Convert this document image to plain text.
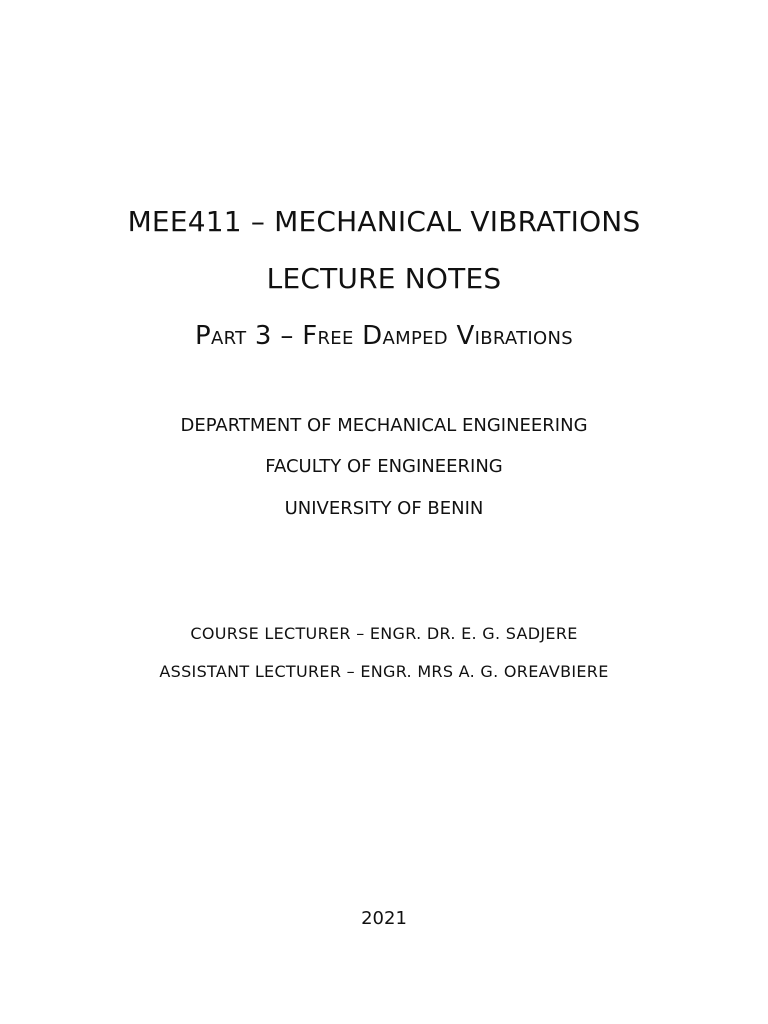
MEE411 – MECHANICAL VIBRATIONS
LECTURE NOTES
Part 3 – Free Damped Vibrations
DEPARTMENT OF MECHANICAL ENGINEERING
FACULTY OF ENGINEERING
UNIVERSITY OF BENIN
COURSE LECTURER – ENGR. DR. E. G. SADJERE
ASSISTANT LECTURER – ENGR. MRS A. G. OREAVBIERE
2021
